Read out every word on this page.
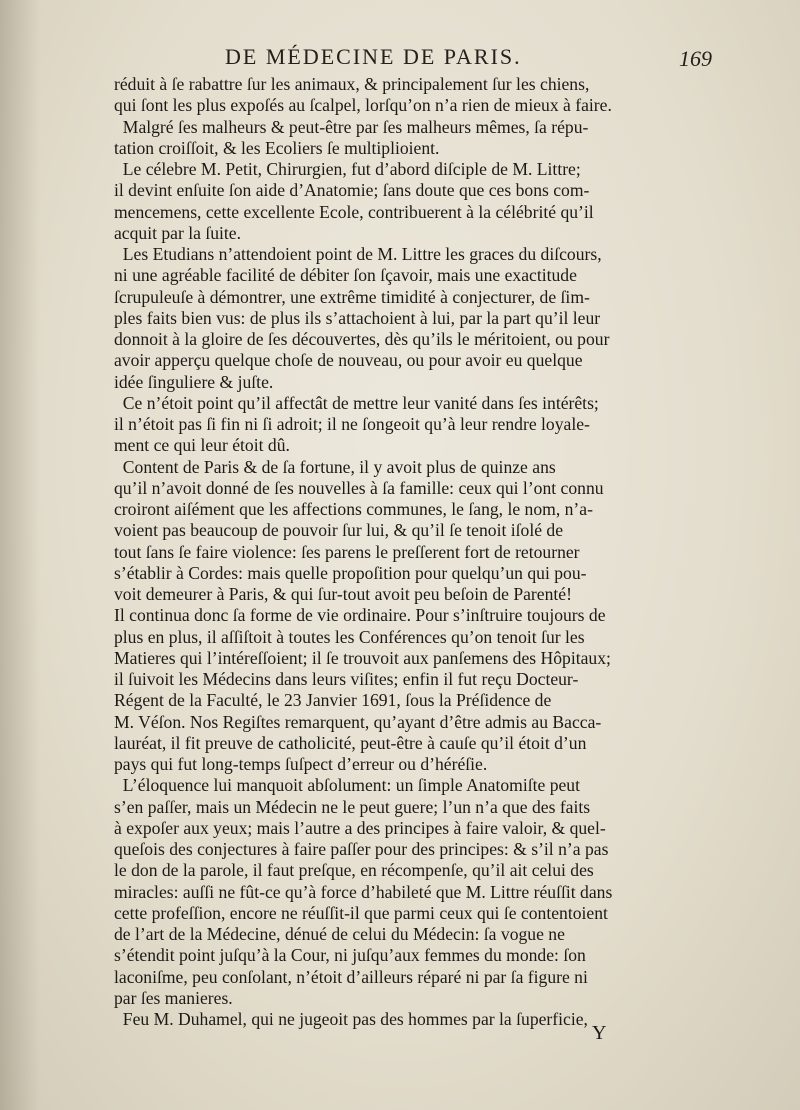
DE MÉDECINE DE PARIS.	169
réduit à ſe rabattre ſur les animaux, & principalement ſur les chiens,
qui ſont les plus expoſés au ſcalpel, lorſqu’on n’a rien de mieux à faire.
Malgré ſes malheurs & peut-être par ſes malheurs mêmes, ſa répu-
tation croiſſoit, & les Ecoliers ſe multiplioient.
Le célebre M. Petit, Chirurgien, fut d’abord diſciple de M. Littre;
il devint enſuite ſon aide d’Anatomie; ſans doute que ces bons com-
mencemens, cette excellente Ecole, contribuerent à la célébrité qu’il
acquit par la ſuite.
Les Etudians n’attendoient point de M. Littre les graces du diſcours,
ni une agréable facilité de débiter ſon ſçavoir, mais une exactitude
ſcrupuleuſe à démontrer, une extrême timidité à conjecturer, de ſim-
ples faits bien vus: de plus ils s’attachoient à lui, par la part qu’il leur
donnoit à la gloire de ſes découvertes, dès qu’ils le méritoient, ou pour
avoir apperçu quelque choſe de nouveau, ou pour avoir eu quelque
idée ſinguliere & juſte.
Ce n’étoit point qu’il affectât de mettre leur vanité dans ſes intérêts;
il n’étoit pas ſi fin ni ſi adroit; il ne ſongeoit qu’à leur rendre loyale-
ment ce qui leur étoit dû.
Content de Paris & de ſa fortune, il y avoit plus de quinze ans
qu’il n’avoit donné de ſes nouvelles à ſa famille: ceux qui l’ont connu
croiront aiſément que les affections communes, le ſang, le nom, n’a-
voient pas beaucoup de pouvoir ſur lui, & qu’il ſe tenoit iſolé de
tout ſans ſe faire violence: ſes parens le preſſerent fort de retourner
s’établir à Cordes: mais quelle propoſition pour quelqu’un qui pou-
voit demeurer à Paris, & qui ſur-tout avoit peu beſoin de Parenté!
Il continua donc ſa forme de vie ordinaire. Pour s’inſtruire toujours de
plus en plus, il aſſiſtoit à toutes les Conférences qu’on tenoit ſur les
Matieres qui l’intéreſſoient; il ſe trouvoit aux panſemens des Hôpitaux;
il ſuivoit les Médecins dans leurs viſites; enfin il fut reçu Docteur-
Régent de la Faculté, le 23 Janvier 1691, ſous la Préſidence de
M. Véſon. Nos Regiſtes remarquent, qu’ayant d’être admis au Bacca-
lauréat, il fit preuve de catholicité, peut-être à cauſe qu’il étoit d’un
pays qui fut long-temps ſuſpect d’erreur ou d’héréſie.
L’éloquence lui manquoit abſolument: un ſimple Anatomiſte peut
s’en paſſer, mais un Médecin ne le peut guere; l’un n’a que des faits
à expoſer aux yeux; mais l’autre a des principes à faire valoir, & quel-
queſois des conjectures à faire paſſer pour des principes: & s’il n’a pas
le don de la parole, il faut preſque, en récompenſe, qu’il ait celui des
miracles: auſſi ne fût-ce qu’à force d’habileté que M. Littre réuſſit dans
cette profeſſion, encore ne réuſſit-il que parmi ceux qui ſe contentoient
de l’art de la Médecine, dénué de celui du Médecin: ſa vogue ne
s’étendit point juſqu’à la Cour, ni juſqu’aux femmes du monde: ſon
laconiſme, peu conſolant, n’étoit d’ailleurs réparé ni par ſa figure ni
par ſes manieres.
Feu M. Duhamel, qui ne jugeoit pas des hommes par la ſuperficie,
Y
